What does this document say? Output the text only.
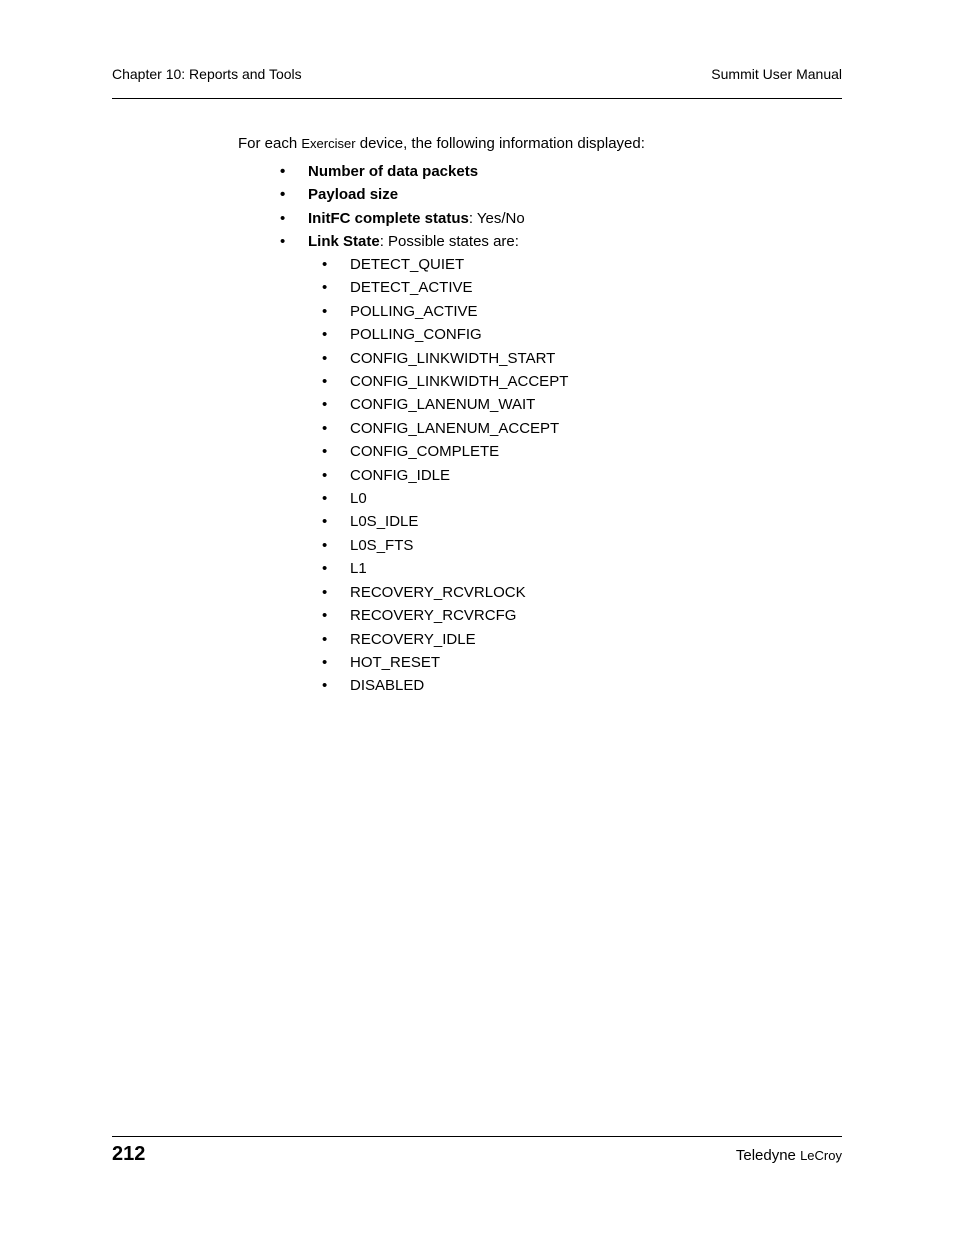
Chapter 10: Reports and Tools	Summit User Manual

For each Exerciser device, the following information displayed:

• Number of data packets
• Payload size
• InitFC complete status: Yes/No
• Link State: Possible states are:
• DETECT_QUIET
• DETECT_ACTIVE
• POLLING_ACTIVE
• POLLING_CONFIG
• CONFIG_LINKWIDTH_START
• CONFIG_LINKWIDTH_ACCEPT
• CONFIG_LANENUM_WAIT
• CONFIG_LANENUM_ACCEPT
• CONFIG_COMPLETE
• CONFIG_IDLE
• L0
• L0S_IDLE
• L0S_FTS
• L1
• RECOVERY_RCVRLOCK
• RECOVERY_RCVRCFG
• RECOVERY_IDLE
• HOT_RESET
• DISABLED
212	Teledyne LeCroy
